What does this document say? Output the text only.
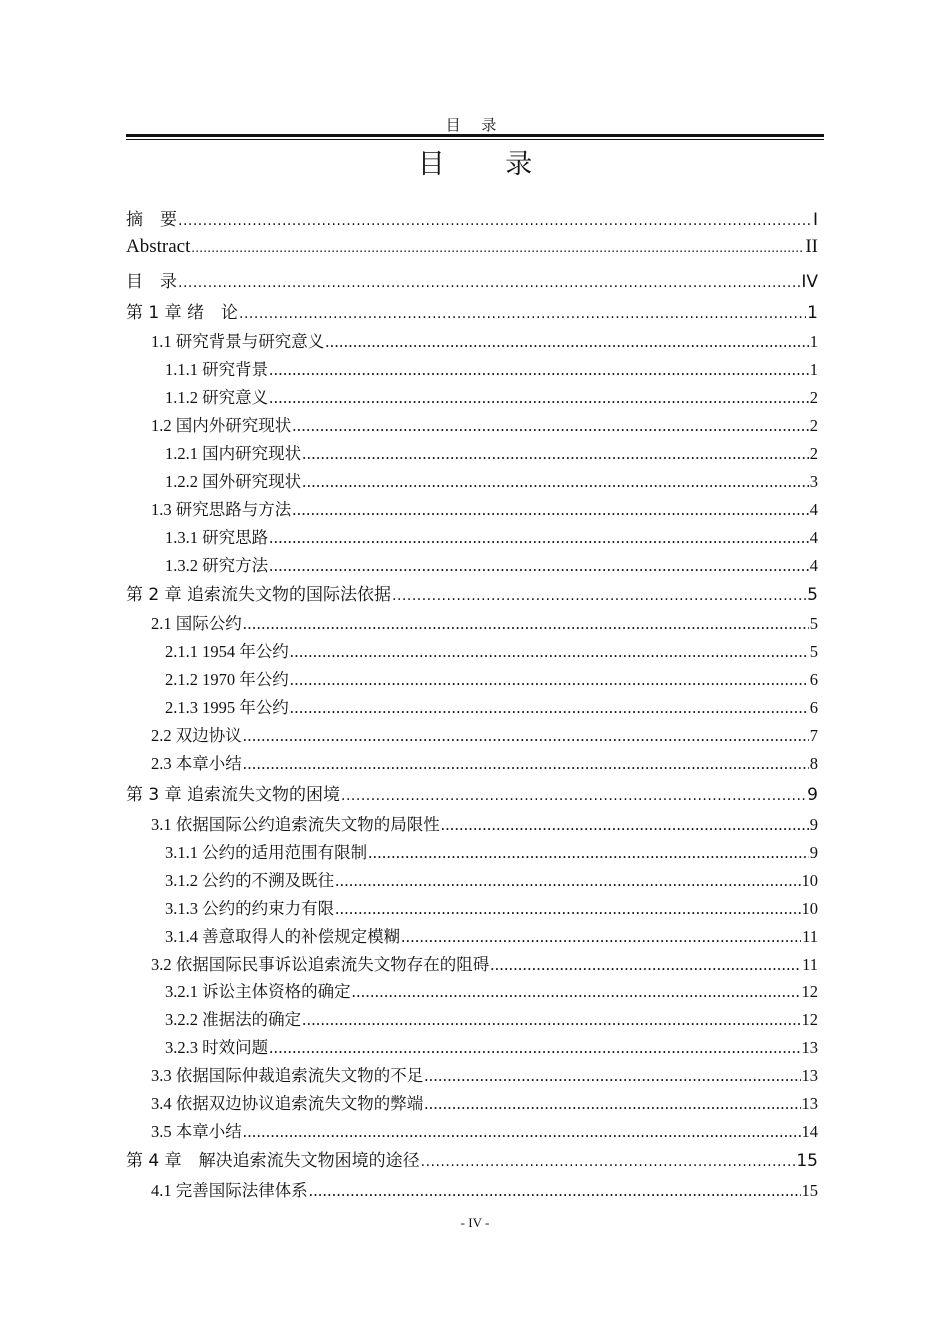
目 录
目 录
摘　要 .....	I
Abstract .....	II
目　录 .....	IV
第 1 章 绪　论 .....	1
1.1 研究背景与研究意义 .....	1
1.1.1 研究背景 .....	1
1.1.2 研究意义 .....	2
1.2 国内外研究现状 .....	2
1.2.1 国内研究现状 .....	2
1.2.2 国外研究现状 .....	3
1.3 研究思路与方法 .....	4
1.3.1 研究思路 .....	4
1.3.2 研究方法 .....	4
第 2 章 追索流失文物的国际法依据 .....	5
2.1 国际公约 .....	5
2.1.1 1954 年公约 .....	5
2.1.2 1970 年公约 .....	6
2.1.3 1995 年公约 .....	6
2.2 双边协议 .....	7
2.3 本章小结 .....	8
第 3 章 追索流失文物的困境 .....	9
3.1 依据国际公约追索流失文物的局限性 .....	9
3.1.1 公约的适用范围有限制 .....	9
3.1.2 公约的不溯及既往 .....	10
3.1.3 公约的约束力有限 .....	10
3.1.4 善意取得人的补偿规定模糊 .....	11
3.2 依据国际民事诉讼追索流失文物存在的阻碍 .....	11
3.2.1 诉讼主体资格的确定 .....	12
3.2.2 准据法的确定 .....	12
3.2.3 时效问题 .....	13
3.3 依据国际仲裁追索流失文物的不足 .....	13
3.4 依据双边协议追索流失文物的弊端 .....	13
3.5 本章小结 .....	14
第 4 章　解决追索流失文物困境的途径 .....	15
4.1 完善国际法律体系 .....	15
- IV -
